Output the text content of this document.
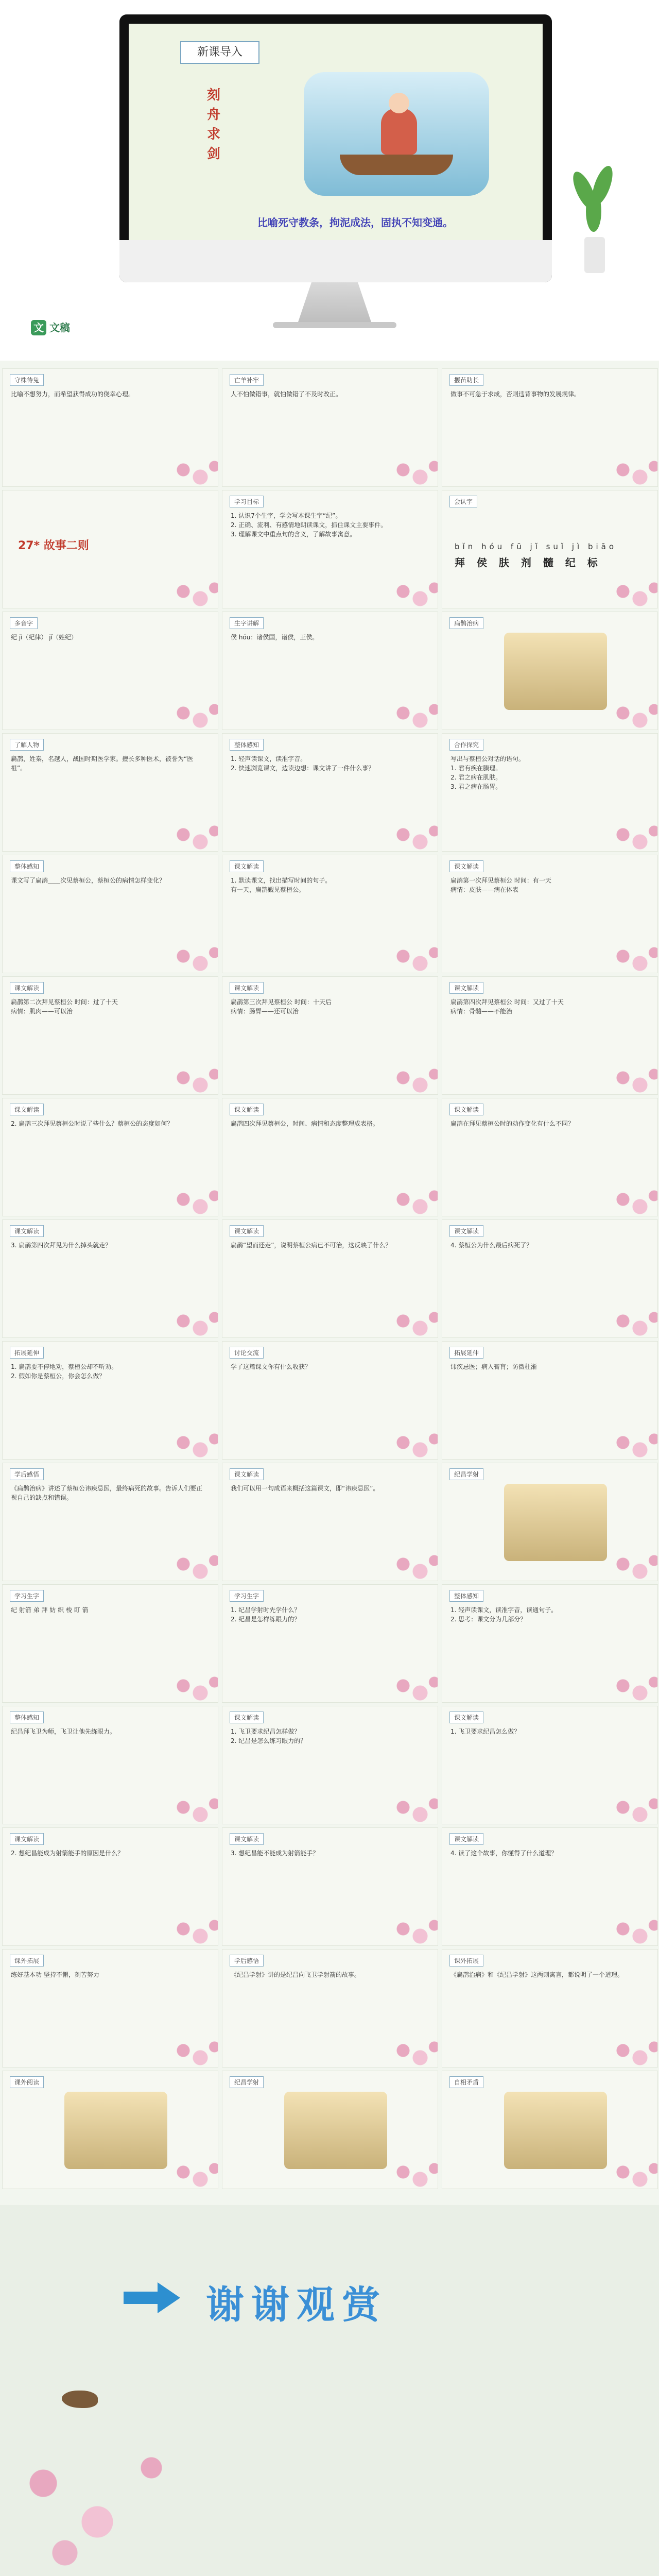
新课导入
刻舟求剑
比喻死守教条，拘泥成法，固执不知变通。
文 文稿
守株待兔
比喻不想努力，而希望获得成功的侥幸心理。
亡羊补牢
人不怕做错事，就怕做错了不及时改正。
揠苗助长
做事不可急于求成，否则违背事物的发展规律。
27* 故事二则
学习目标
1. 认识7个生字，学会写本课生字“纪”。
2. 正确、流利、有感情地朗读课文，抓住课文主要事件。
3. 理解课文中重点句的含义，了解故事寓意。
会认字
bǐn hóu fū jǐ suǐ jì biāo
拜 侯 肤 剂 髓 纪 标
多音字
纪 jì（纪律） jǐ（姓纪）
生字讲解
侯 hóu：诸侯国，诸侯，王侯。
扁鹊治病
了解人物
扁鹊，姓秦，名越人，战国时期医学家。擅长多种医术，被誉为“医祖”。
整体感知
1. 轻声读课文，读准字音。
2. 快速浏览课文，边读边想：课文讲了一件什么事？
合作探究
写出与蔡桓公对话的语句。
1. 君有疾在腠理。
2. 君之病在肌肤。
3. 君之病在肠胃。
整体感知
课文写了扁鹊____次见蔡桓公，蔡桓公的病情怎样变化？
课文解读
1. 默读课文，找出描写时间的句子。
有一天，扁鹊觐见蔡桓公。
课文解读
扁鹊第一次拜见蔡桓公 时间：有一天
病情：皮肤——病在体表
课文解读
扁鹊第二次拜见蔡桓公 时间：过了十天
病情：肌肉——可以治
课文解读
扁鹊第三次拜见蔡桓公 时间：十天后
病情：肠胃——还可以治
课文解读
扁鹊第四次拜见蔡桓公 时间：又过了十天
病情：骨髓——不能治
课文解读
2. 扁鹊三次拜见蔡桓公时说了些什么？蔡桓公的态度如何？
课文解读
扁鹊四次拜见蔡桓公，时间、病情和态度整理成表格。
课文解读
扁鹊在拜见蔡桓公时的动作变化有什么不同？
课文解读
3. 扁鹊第四次拜见为什么掉头就走？
课文解读
扁鹊“望而还走”，说明蔡桓公病已不可治，这反映了什么？
课文解读
4. 蔡桓公为什么最后病死了？
拓展延伸
1. 扁鹊要不停地劝，蔡桓公却不听劝。
2. 假如你是蔡桓公，你会怎么做？
讨论交流
学了这篇课文你有什么收获？
拓展延伸
讳疾忌医；病入膏肓；防微杜渐
学后感悟
《扁鹊治病》讲述了蔡桓公讳疾忌医，最终病死的故事。告诉人们要正视自己的缺点和错误。
课文解读
我们可以用一句成语来概括这篇课文，即“讳疾忌医”。
纪昌学射
学习生字
纪 射箭 弟 拜 妨 织 梭 盯 箭
学习生字
1. 纪昌学射时先学什么？
2. 纪昌是怎样练眼力的？
整体感知
1. 轻声读课文，读准字音，读通句子。
2. 思考：课文分为几部分？
整体感知
纪昌拜飞卫为师，飞卫让他先练眼力。
课文解读
1. 飞卫要求纪昌怎样做？
2. 纪昌是怎么练习眼力的？
课文解读
1. 飞卫要求纪昌怎么做？
课文解读
2. 想纪昌能成为射箭能手的原因是什么？
课文解读
3. 想纪昌能不能成为射箭能手？
课文解读
4. 读了这个故事，你懂得了什么道理？
课外拓展
练好基本功 坚持不懈，刻苦努力
学后感悟
《纪昌学射》讲的是纪昌向飞卫学射箭的故事。
课外拓展
《扁鹊治病》和《纪昌学射》这两则寓言，都说明了一个道理。
课外阅读	纪昌学射	自相矛盾
谢谢观赏
